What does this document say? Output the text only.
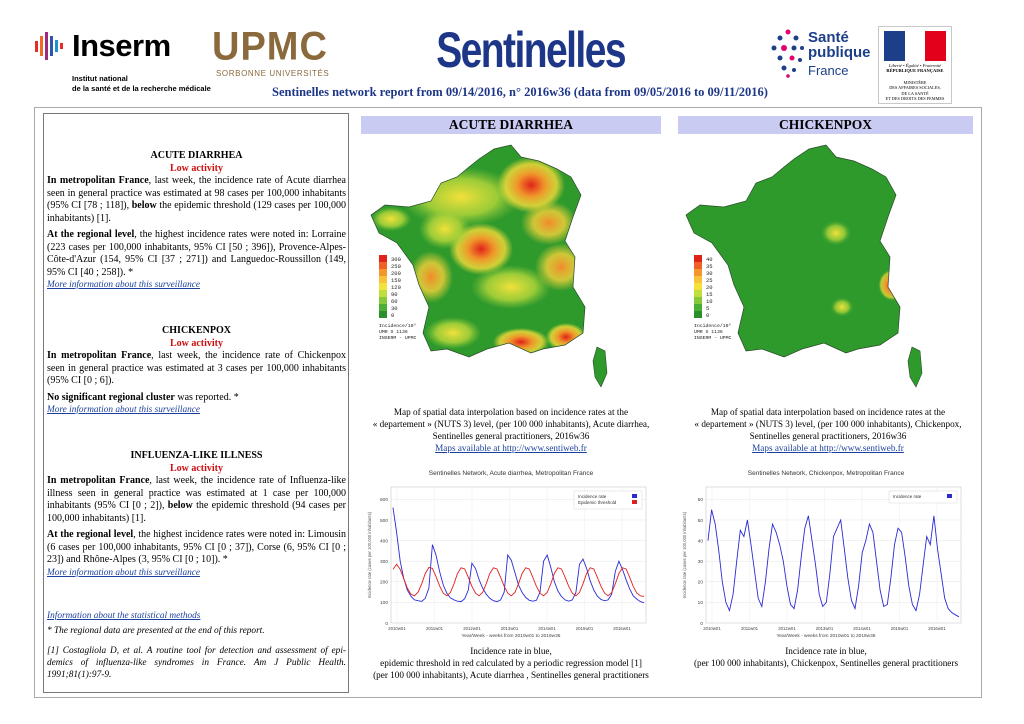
Inserm
Institut national
de la santé et de la recherche médicale
UPMC
SORBONNE UNIVERSITÉS Sentinelles	Santé
publique
France	Liberté • Égalité • Fraternité
RÉPUBLIQUE FRANÇAISE
MINISTÈRE
DES AFFAIRES SOCIALES,
DE LA SANTÉ
ET DES DROITS DES FEMMES
Sentinelles network report from 09/14/2016, n° 2016w36 (data from 09/05/2016 to 09/11/2016)
ACUTE DIARRHEA
Low activity

In metropolitan France, last week, the incidence rate of Acute diarrhea seen in general practice was estimated at 98 cases per 100,000 inhabitants (95% CI [78 ; 118]), below the epidemic threshold (129 cases per 100,000 inhabitants) [1].

At the regional level, the highest incidence rates were noted in: Lorraine (223 cases per 100,000 inhabitants, 95% CI [50 ; 396]), Provence-Alpes-Côte-d'Azur (154, 95% CI [37 ; 271]) and Languedoc-Roussillon (149, 95% CI [40 ; 258]). *

More information about this surveillance
CHICKENPOX
Low activity

In metropolitan France, last week, the incidence rate of Chickenpox seen in general practice was estimated at 3 cases per 100,000 inhabitants (95% CI [0 ; 6]).

No significant regional cluster was reported. *

More information about this surveillance
INFLUENZA-LIKE ILLNESS
Low activity

In metropolitan France, last week, the incidence rate of Influenza-like illness seen in general practice was estimated at 1 case per 100,000 inhabitants (95% CI [0 ; 2]), below the epidemic threshold (94 cases per 100,000 inhabitants) [1].

At the regional level, the highest incidence rates were noted in: Limousin (6 cases per 100,000 inhabitants, 95% CI [0 ; 37]), Corse (6, 95% CI [0 ; 23]) and Rhône-Alpes (3, 95% CI [0 ; 10]). *

More information about this surveillance
Information about the statistical methods
* The regional data are presented at the end of this report.
[1] Costagliola D, et al. A routine tool for detection and assessment of epi-demics of influenza-like syndromes in France. Am J Public Health. 1991;81(1):97-9.
ACUTE DIARRHEA
300
250
200
150
120
90
60
30
0
Incidence/10⁵
UMR S 1136
INSERM - UPMC
Map of spatial data interpolation based on incidence rates at the
« departement » (NUTS 3) level, (per 100 000 inhabitants), Acute diarrhea,
Sentinelles general practitioners, 2016w36
Maps available at http://www.sentiweb.fr
Sentinelles Network, Acute diarrhea, Metropolitan France
0
100
200
300
400
500
600
2010w01	2011w01	2012w01	2013w01	2014w01	2015w01	2016w01
Year/Week - weeks from 2010w01 to 2016w36
Incidence rate (cases per 100,000 inhabitants)
Incidence rate
Epidemic threshold
Incidence rate in blue,
epidemic threshold in red calculated by a periodic regression model [1]
(per 100 000 inhabitants), Acute diarrhea , Sentinelles general practitioners
CHICKENPOX
40
35
30
25
20
15
10
5
0
Incidence/10⁵
UMR S 1136
INSERM - UPMC
Map of spatial data interpolation based on incidence rates at the
« departement » (NUTS 3) level, (per 100 000 inhabitants), Chickenpox,
Sentinelles general practitioners, 2016w36
Maps available at http://www.sentiweb.fr
Sentinelles Network, Chickenpox, Metropolitan France
0
10
20
30
40
50
60
2010w01	2011w01	2012w01	2013w01	2014w01	2015w01	2016w01
Year/Week - weeks from 2010w01 to 2016w36
Incidence rate (cases per 100,000 inhabitants)
Incidence rate
Incidence rate in blue,
(per 100 000 inhabitants), Chickenpox, Sentinelles general practitioners
